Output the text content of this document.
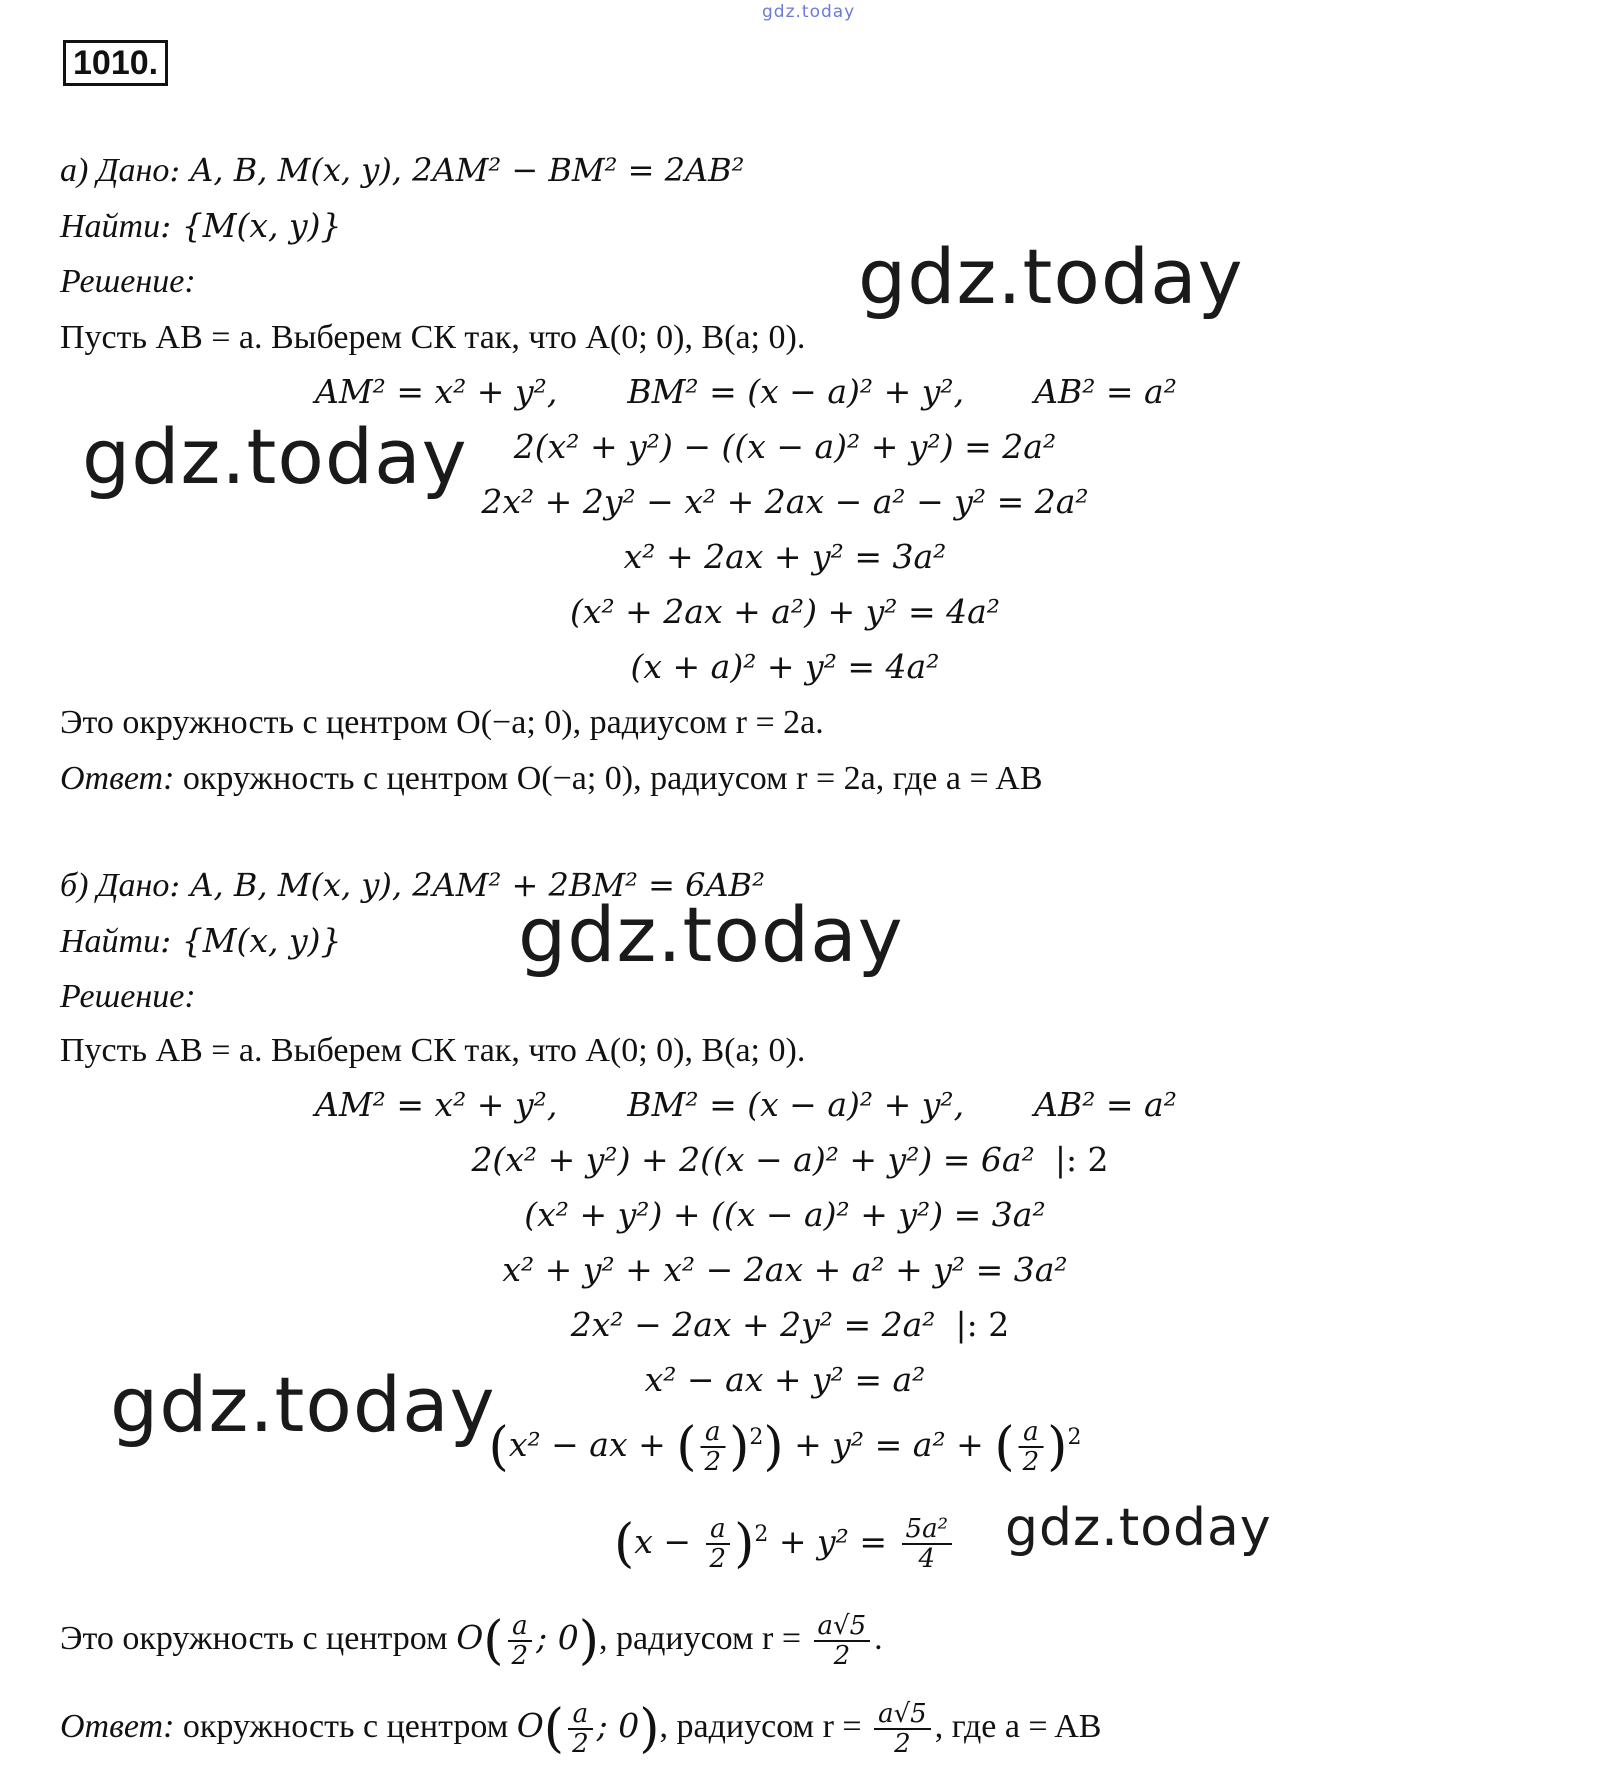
gdz.today
1010.
gdz.today
gdz.today
gdz.today
gdz.today
gdz.today
а) Дано: A, B, M(x, y), 2AM² − BM² = 2AB²
Найти: {M(x, y)}
Решение:
Пусть AB = a. Выберем СК так, что A(0; 0), B(a; 0).
AM² = x² + y², BM² = (x − a)² + y², AB² = a²
2(x² + y²) − ((x − a)² + y²) = 2a²
2x² + 2y² − x² + 2ax − a² − y² = 2a²
x² + 2ax + y² = 3a²
(x² + 2ax + a²) + y² = 4a²
(x + a)² + y² = 4a²
Это окружность с центром O(−a; 0), радиусом r = 2a.
Ответ: окружность с центром O(−a; 0), радиусом r = 2a, где a = AB
б) Дано: A, B, M(x, y), 2AM² + 2BM² = 6AB²
Найти: {M(x, y)}
Решение:
Пусть AB = a. Выберем СК так, что A(0; 0), B(a; 0).
AM² = x² + y², BM² = (x − a)² + y², AB² = a²
2(x² + y²) + 2((x − a)² + y²) = 6a² |: 2
(x² + y²) + ((x − a)² + y²) = 3a²
x² + y² + x² − 2ax + a² + y² = 3a²
2x² − 2ax + 2y² = 2a² |: 2
x² − ax + y² = a²
(x² − ax + ( $\frac{a}{2} )^2) + y^2 = a^2$ + ( $\frac{a}{2} )^2$
$(x - \frac{a}{2} )^2 + y^2 = \frac{\text{5a²}}{4}$
Это окружность с центром $O( \frac{a}{2}$ ; 0), радиусом $r = \frac{a√5}{2}$ .
Ответ: окружность с центром $O( \frac{a}{2}$ ; 0), радиусом $r = \frac{a√5}{2}$ , где a = AB
